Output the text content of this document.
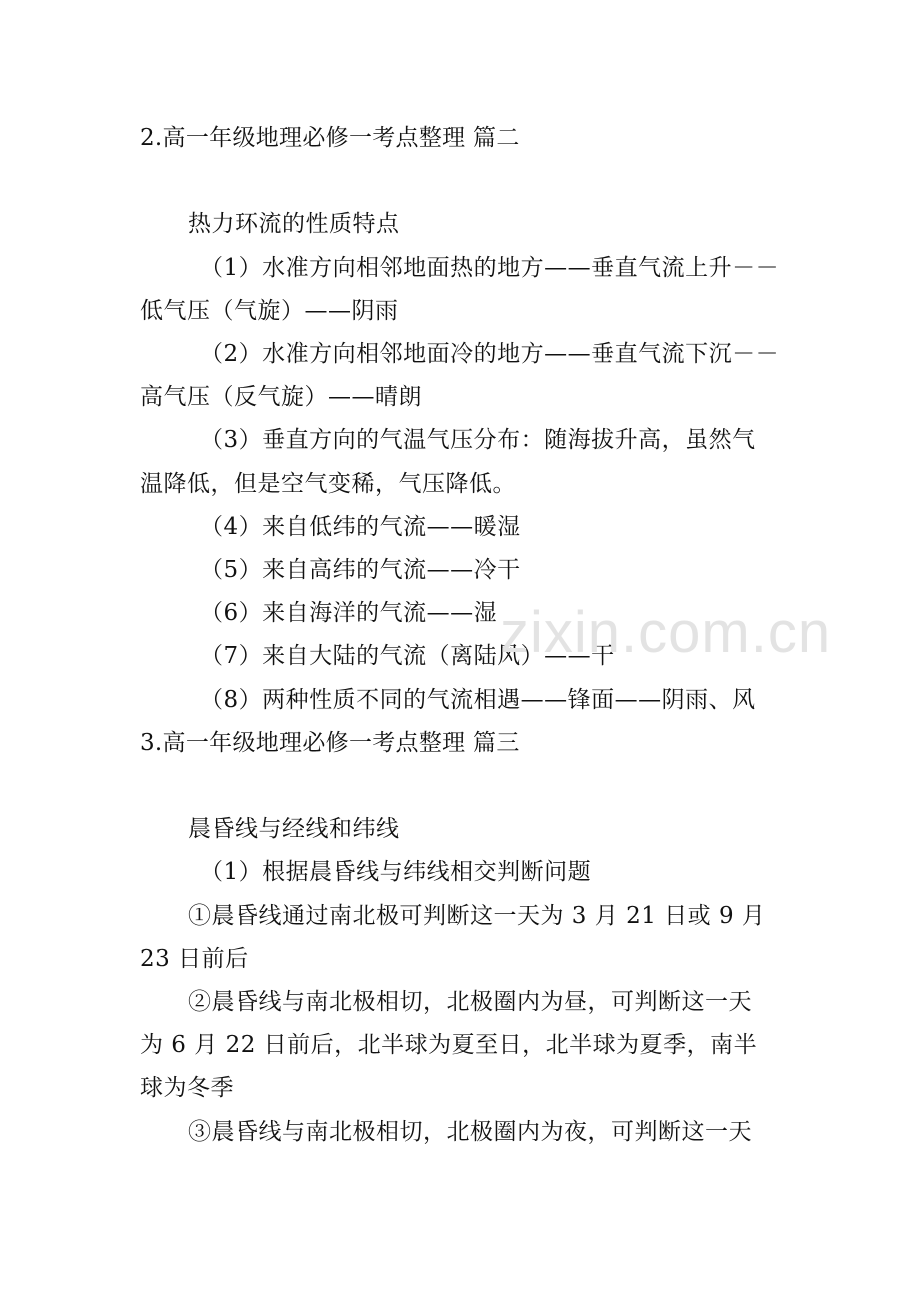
2.高一年级地理必修一考点整理 篇二
热力环流的性质特点
（1）水准方向相邻地面热的地方——垂直气流上升－－
低气压（气旋）——阴雨
（2）水准方向相邻地面冷的地方——垂直气流下沉－－
高气压（反气旋）——晴朗
（3）垂直方向的气温气压分布：随海拔升高，虽然气
温降低，但是空气变稀，气压降低。
（4）来自低纬的气流——暖湿
（5）来自高纬的气流——冷干
（6）来自海洋的气流——湿
（7）来自大陆的气流（离陆风）——干
（8）两种性质不同的气流相遇——锋面——阴雨、风
3.高一年级地理必修一考点整理 篇三
晨昏线与经线和纬线
（1）根据晨昏线与纬线相交判断问题
①晨昏线通过南北极可判断这一天为 3 月 21 日或 9 月
23 日前后
②晨昏线与南北极相切，北极圈内为昼，可判断这一天
为 6 月 22 日前后，北半球为夏至日，北半球为夏季，南半
球为冬季
③晨昏线与南北极相切，北极圈内为夜，可判断这一天
zixin.com.cn
